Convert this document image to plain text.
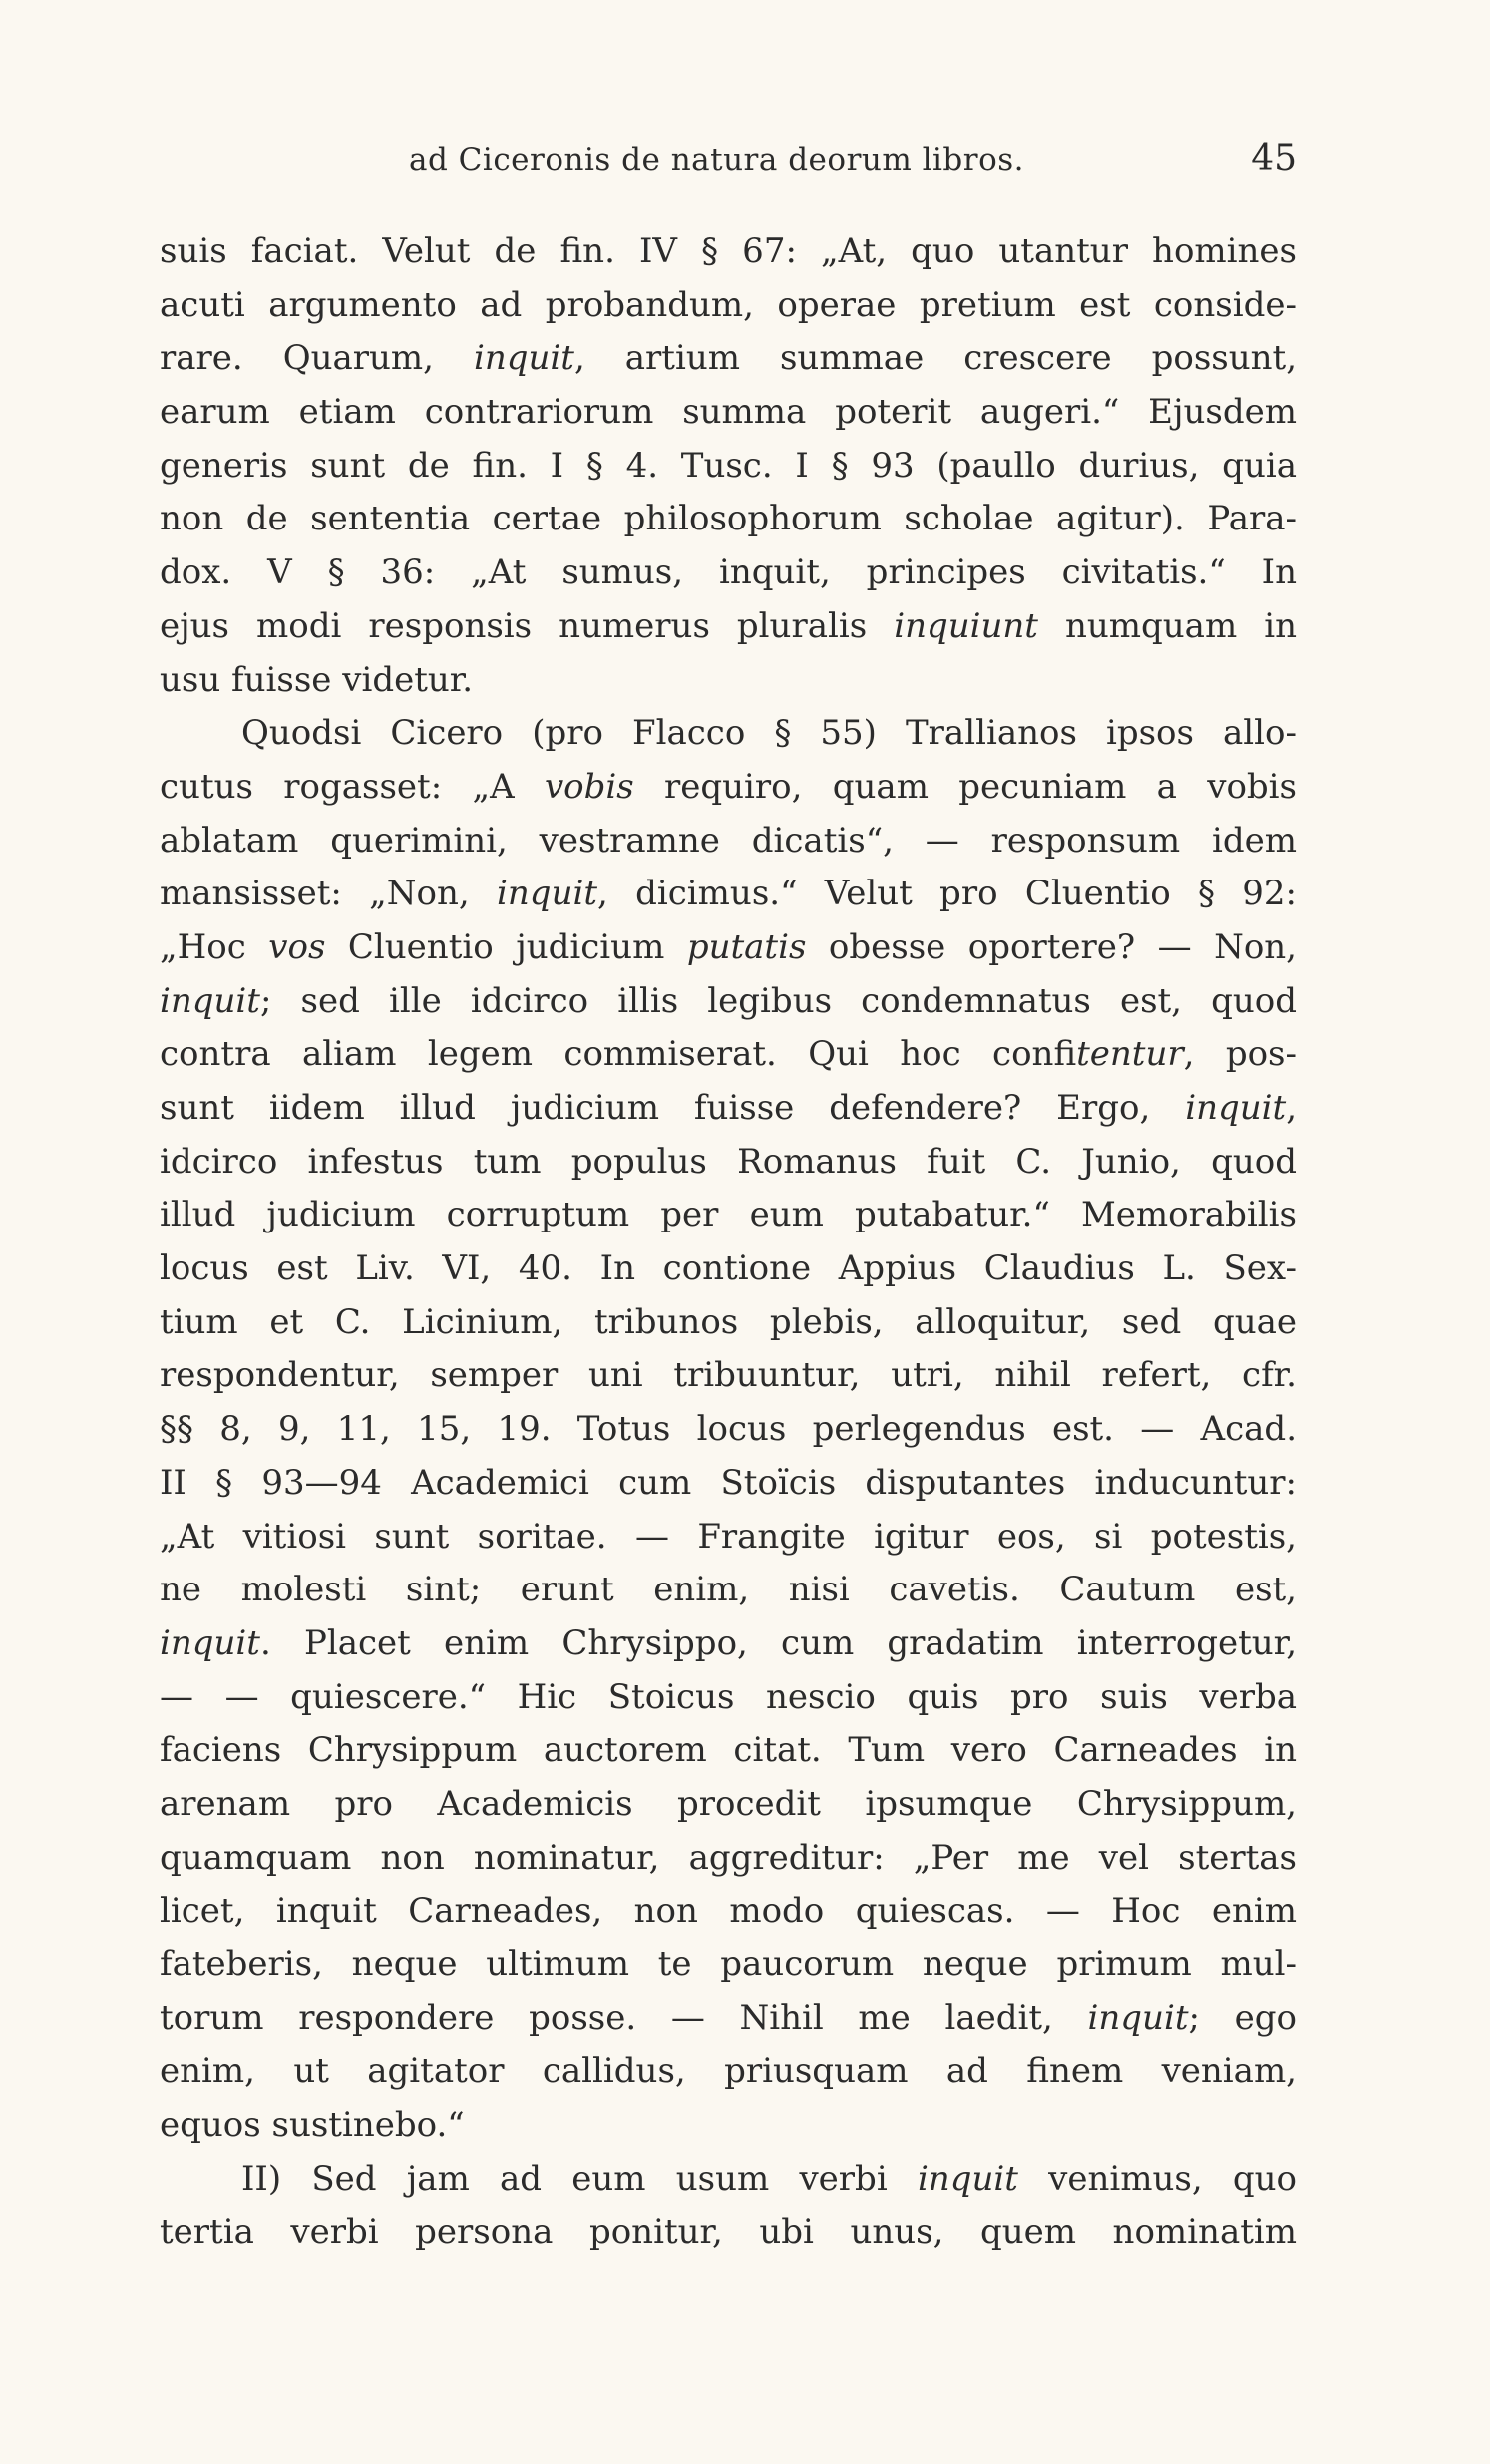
ad Ciceronis de natura deorum libros.	45
suis faciat. Velut de fin. IV § 67: „At, quo utantur homines
acuti argumento ad probandum, operae pretium est conside-
rare. Quarum, inquit, artium summae crescere possunt,
earum etiam contrariorum summa poterit augeri.“ Ejusdem
generis sunt de fin. I § 4. Tusc. I § 93 (paullo durius, quia
non de sententia certae philosophorum scholae agitur). Para-
dox. V § 36: „At sumus, inquit, principes civitatis.“ In
ejus modi responsis numerus pluralis inquiunt numquam in
usu fuisse videtur.
Quodsi Cicero (pro Flacco § 55) Trallianos ipsos allo-
cutus rogasset: „A vobis requiro, quam pecuniam a vobis
ablatam querimini, vestramne dicatis“, — responsum idem
mansisset: „Non, inquit, dicimus.“ Velut pro Cluentio § 92:
„Hoc vos Cluentio judicium putatis obesse oportere? — Non,
inquit; sed ille idcirco illis legibus condemnatus est, quod
contra aliam legem commiserat. Qui hoc confitentur, pos-
sunt iidem illud judicium fuisse defendere? Ergo, inquit,
idcirco infestus tum populus Romanus fuit C. Junio, quod
illud judicium corruptum per eum putabatur.“ Memorabilis
locus est Liv. VI, 40. In contione Appius Claudius L. Sex-
tium et C. Licinium, tribunos plebis, alloquitur, sed quae
respondentur, semper uni tribuuntur, utri, nihil refert, cfr.
§§ 8, 9, 11, 15, 19. Totus locus perlegendus est. — Acad.
II § 93—94 Academici cum Stoïcis disputantes inducuntur:
„At vitiosi sunt soritae. — Frangite igitur eos, si potestis,
ne molesti sint; erunt enim, nisi cavetis. Cautum est,
inquit. Placet enim Chrysippo, cum gradatim interrogetur,
— — quiescere.“ Hic Stoicus nescio quis pro suis verba
faciens Chrysippum auctorem citat. Tum vero Carneades in
arenam pro Academicis procedit ipsumque Chrysippum,
quamquam non nominatur, aggreditur: „Per me vel stertas
licet, inquit Carneades, non modo quiescas. — Hoc enim
fateberis, neque ultimum te paucorum neque primum mul-
torum respondere posse. — Nihil me laedit, inquit; ego
enim, ut agitator callidus, priusquam ad finem veniam,
equos sustinebo.“
II) Sed jam ad eum usum verbi inquit venimus, quo
tertia verbi persona ponitur, ubi unus, quem nominatim
